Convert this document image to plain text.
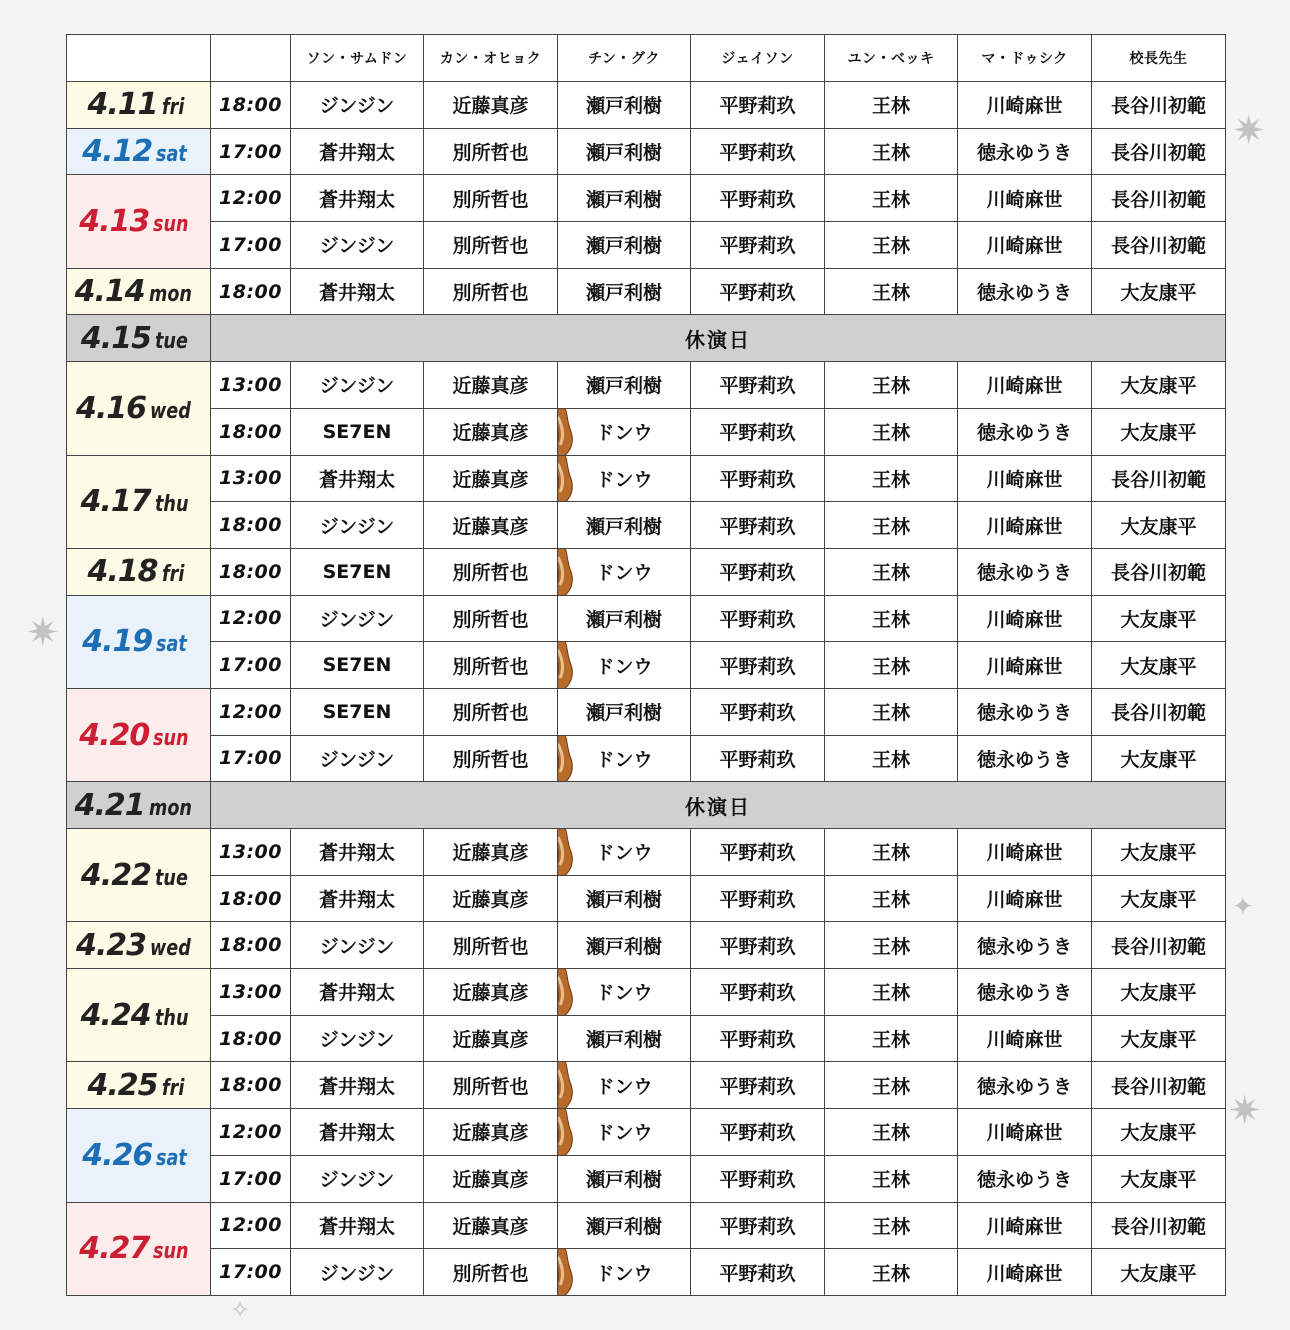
✷
✷
✷
✦
✧
		ソン・サムドン	カン・オヒョク	チン・グク	ジェイソン	ユン・ベッキ	マ・ドゥシク	校長先生
4.11 fri	18:00	ジンジン	近藤真彦	瀬戸利樹	平野莉玖	王林	川崎麻世	長谷川初範
4.12 sat	17:00	蒼井翔太	別所哲也	瀬戸利樹	平野莉玖	王林	徳永ゆうき	長谷川初範
4.13 sun	12:00	蒼井翔太	別所哲也	瀬戸利樹	平野莉玖	王林	川崎麻世	長谷川初範
	17:00	ジンジン	別所哲也	瀬戸利樹	平野莉玖	王林	川崎麻世	長谷川初範
4.14 mon	18:00	蒼井翔太	別所哲也	瀬戸利樹	平野莉玖	王林	徳永ゆうき	大友康平
4.15 tue	休演日							
4.16 wed	13:00	ジンジン	近藤真彦	瀬戸利樹	平野莉玖	王林	川崎麻世	大友康平
	18:00	SE7EN	近藤真彦	ドンウ	平野莉玖	王林	徳永ゆうき	大友康平
4.17 thu	13:00	蒼井翔太	近藤真彦	ドンウ	平野莉玖	王林	川崎麻世	長谷川初範
	18:00	ジンジン	近藤真彦	瀬戸利樹	平野莉玖	王林	川崎麻世	大友康平
4.18 fri	18:00	SE7EN	別所哲也	ドンウ	平野莉玖	王林	徳永ゆうき	長谷川初範
4.19 sat	12:00	ジンジン	別所哲也	瀬戸利樹	平野莉玖	王林	川崎麻世	大友康平
	17:00	SE7EN	別所哲也	ドンウ	平野莉玖	王林	川崎麻世	大友康平
4.20 sun	12:00	SE7EN	別所哲也	瀬戸利樹	平野莉玖	王林	徳永ゆうき	長谷川初範
	17:00	ジンジン	別所哲也	ドンウ	平野莉玖	王林	徳永ゆうき	大友康平
4.21 mon	休演日							
4.22 tue	13:00	蒼井翔太	近藤真彦	ドンウ	平野莉玖	王林	川崎麻世	大友康平
	18:00	蒼井翔太	近藤真彦	瀬戸利樹	平野莉玖	王林	川崎麻世	大友康平
4.23 wed	18:00	ジンジン	別所哲也	瀬戸利樹	平野莉玖	王林	徳永ゆうき	長谷川初範
4.24 thu	13:00	蒼井翔太	近藤真彦	ドンウ	平野莉玖	王林	徳永ゆうき	大友康平
	18:00	ジンジン	近藤真彦	瀬戸利樹	平野莉玖	王林	川崎麻世	大友康平
4.25 fri	18:00	蒼井翔太	別所哲也	ドンウ	平野莉玖	王林	徳永ゆうき	長谷川初範
4.26 sat	12:00	蒼井翔太	近藤真彦	ドンウ	平野莉玖	王林	川崎麻世	大友康平
	17:00	ジンジン	近藤真彦	瀬戸利樹	平野莉玖	王林	徳永ゆうき	大友康平
4.27 sun	12:00	蒼井翔太	近藤真彦	瀬戸利樹	平野莉玖	王林	川崎麻世	長谷川初範
	17:00	ジンジン	別所哲也	ドンウ	平野莉玖	王林	川崎麻世	大友康平
